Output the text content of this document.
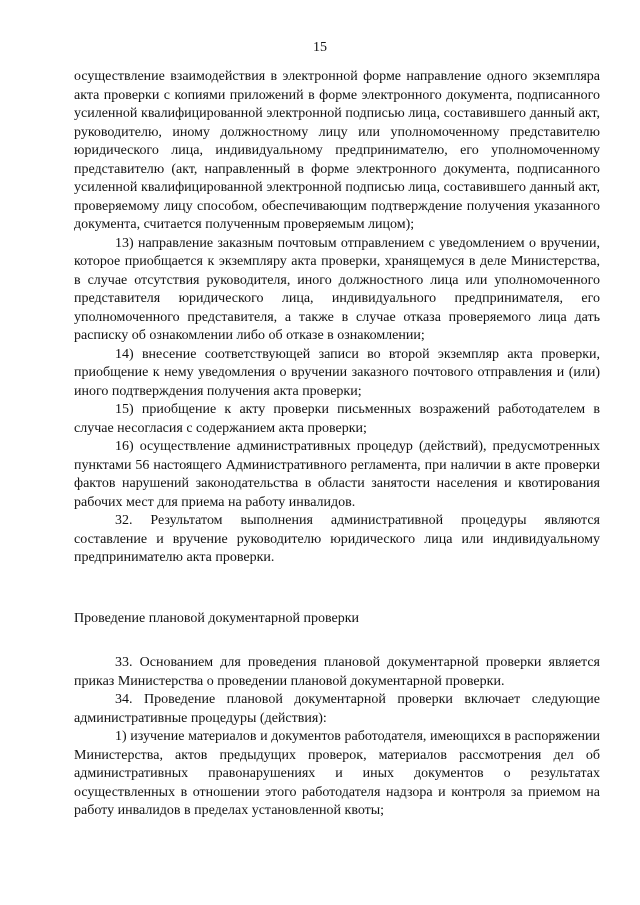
15

осуществление взаимодействия в электронной форме направление одного экземпляра акта проверки с копиями приложений в форме электронного документа, подписанного усиленной квалифицированной электронной подписью лица, составившего данный акт, руководителю, иному должностному лицу или уполномоченному представителю юридического лица, индивидуальному предпринимателю, его уполномоченному представителю (акт, направленный в форме электронного документа, подписанного усиленной квалифицированной электронной подписью лица, составившего данный акт, проверяемому лицу способом, обеспечивающим подтверждение получения указанного документа, считается полученным проверяемым лицом);

13) направление заказным почтовым отправлением с уведомлением о вручении, которое приобщается к экземпляру акта проверки, хранящемуся в деле Министерства, в случае отсутствия руководителя, иного должностного лица или уполномоченного представителя юридического лица, индивидуального предпринимателя, его уполномоченного представителя, а также в случае отказа проверяемого лица дать расписку об ознакомлении либо об отказе в ознакомлении;

14) внесение соответствующей записи во второй экземпляр акта проверки, приобщение к нему уведомления о вручении заказного почтового отправления и (или) иного подтверждения получения акта проверки;

15) приобщение к акту проверки письменных возражений работодателем в случае несогласия с содержанием акта проверки;

16) осуществление административных процедур (действий), предусмотренных пунктами 56 настоящего Административного регламента, при наличии в акте проверки фактов нарушений законодательства в области занятости населения и квотирования рабочих мест для приема на работу инвалидов.

32. Результатом выполнения административной процедуры являются составление и вручение руководителю юридического лица или индивидуальному предпринимателю акта проверки.

Проведение плановой документарной проверки

33. Основанием для проведения плановой документарной проверки является приказ Министерства о проведении плановой документарной проверки.

34. Проведение плановой документарной проверки включает следующие административные процедуры (действия):

1) изучение материалов и документов работодателя, имеющихся в распоряжении Министерства, актов предыдущих проверок, материалов рассмотрения дел об административных правонарушениях и иных документов о результатах осуществленных в отношении этого работодателя надзора и контроля за приемом на работу инвалидов в пределах установленной квоты;
